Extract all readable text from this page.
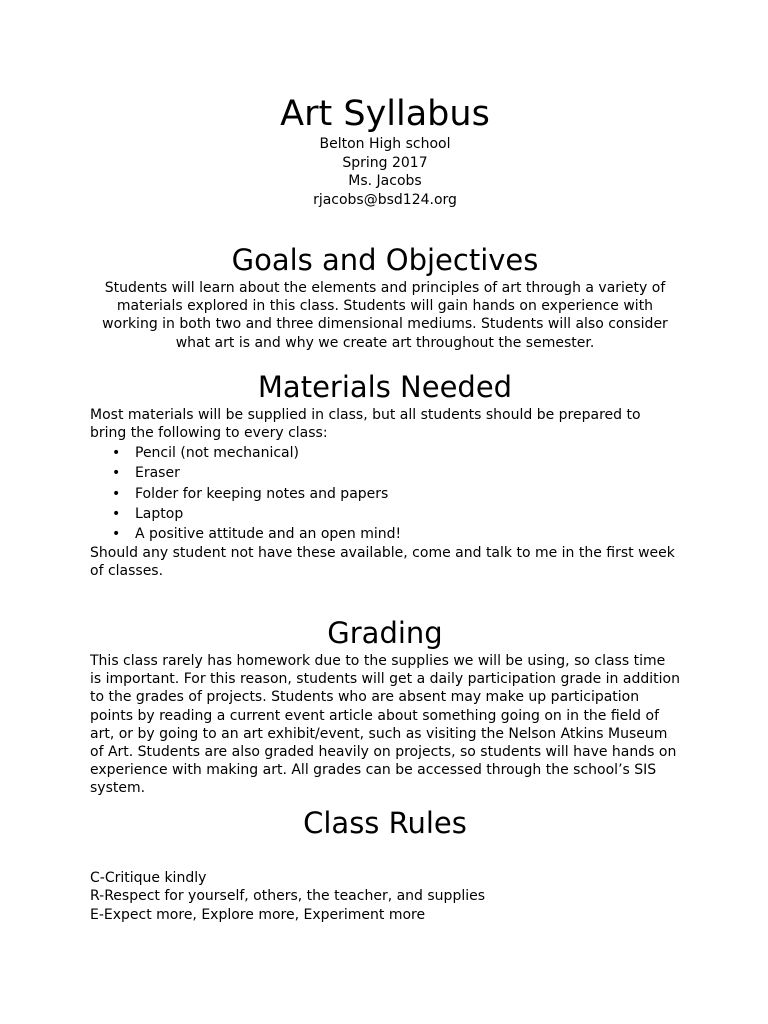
Art Syllabus
Belton High school
Spring 2017
Ms. Jacobs
rjacobs@bsd124.org
Goals and Objectives

Students will learn about the elements and principles of art through a variety of materials explored in this class. Students will gain hands on experience with working in both two and three dimensional mediums. Students will also consider what art is and why we create art throughout the semester.

Materials Needed

Most materials will be supplied in class, but all students should be prepared to bring the following to every class:

• Pencil (not mechanical)
• Eraser
• Folder for keeping notes and papers
• Laptop
• A positive attitude and an open mind!

Should any student not have these available, come and talk to me in the first week of classes.

Grading

This class rarely has homework due to the supplies we will be using, so class time is important. For this reason, students will get a daily participation grade in addition to the grades of projects. Students who are absent may make up participation points by reading a current event article about something going on in the field of art, or by going to an art exhibit/event, such as visiting the Nelson Atkins Museum of Art. Students are also graded heavily on projects, so students will have hands on experience with making art. All grades can be accessed through the school’s SIS system.

Class Rules
C-Critique kindly
R-Respect for yourself, others, the teacher, and supplies
E-Expect more, Explore more, Experiment more
